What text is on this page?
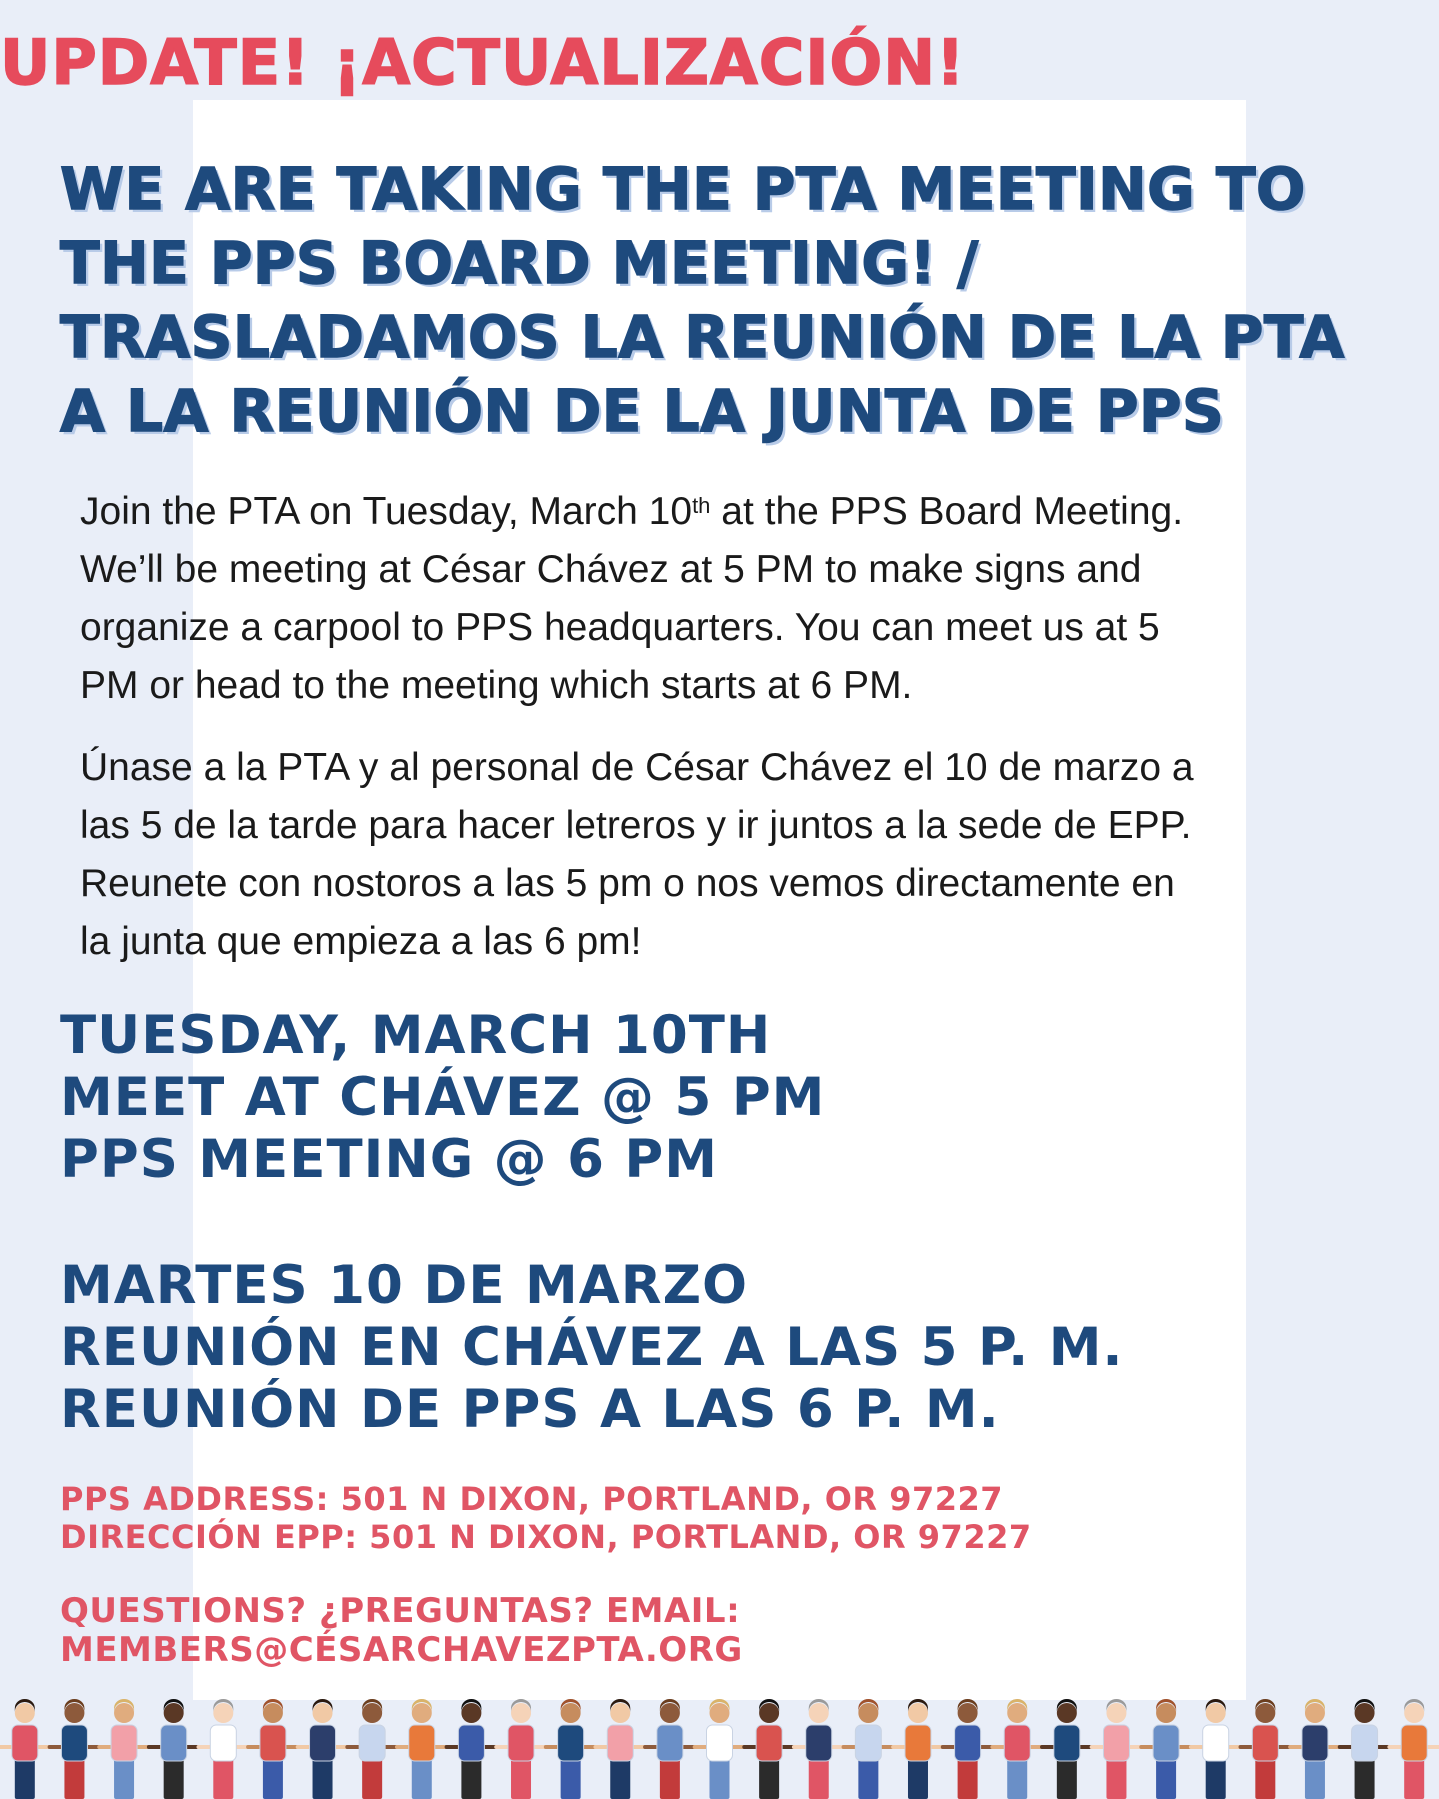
UPDATE! ¡ACTUALIZACIÓN!
WE ARE TAKING THE PTA MEETING TO
THE PPS BOARD MEETING! /
TRASLADAMOS LA REUNIÓN DE LA PTA
A LA REUNIÓN DE LA JUNTA DE PPS
Join the PTA on Tuesday, March 10th at the PPS Board Meeting.
We’ll be meeting at César Chávez at 5 PM to make signs and
organize a carpool to PPS headquarters. You can meet us at 5
PM or head to the meeting which starts at 6 PM.
Únase a la PTA y al personal de César Chávez el 10 de marzo a
las 5 de la tarde para hacer letreros y ir juntos a la sede de EPP.
Reunete con nostoros a las 5 pm o nos vemos directamente en
la junta que empieza a las 6 pm!
TUESDAY, MARCH 10TH
MEET AT CHÁVEZ @ 5 PM
PPS MEETING @ 6 PM
MARTES 10 DE MARZO
REUNIÓN EN CHÁVEZ A LAS 5 P. M.
REUNIÓN DE PPS A LAS 6 P. M.
PPS ADDRESS: 501 N DIXON, PORTLAND, OR 97227
DIRECCIÓN EPP: 501 N DIXON, PORTLAND, OR 97227
QUESTIONS? ¿PREGUNTAS? EMAIL:
MEMBERS@CÉSARCHAVEZPTA.ORG
